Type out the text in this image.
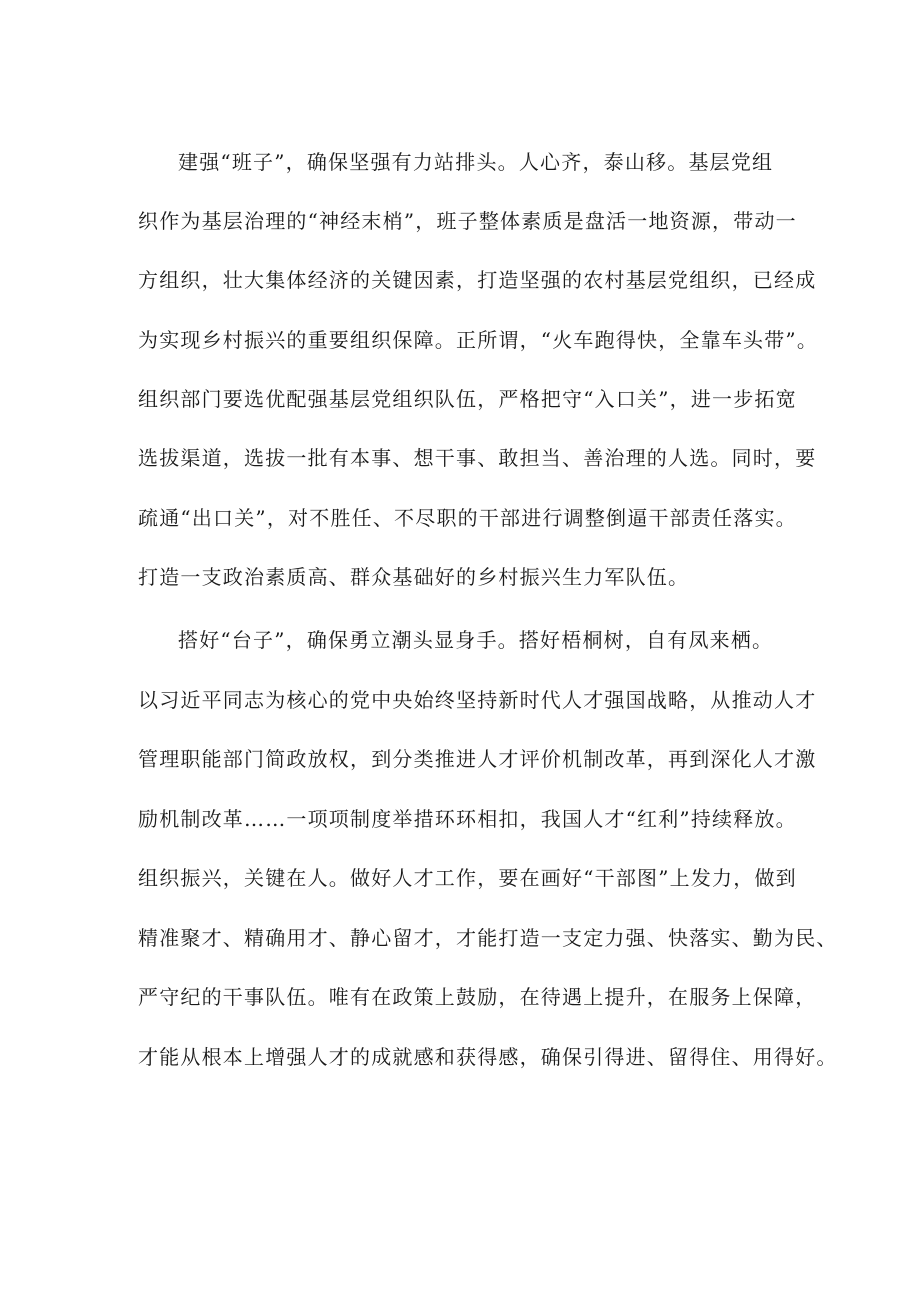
建强“班子”，确保坚强有力站排头。人心齐，泰山移。基层党组

织作为基层治理的“神经末梢”，班子整体素质是盘活一地资源，带动一

方组织，壮大集体经济的关键因素，打造坚强的农村基层党组织，已经成

为实现乡村振兴的重要组织保障。正所谓，“火车跑得快，全靠车头带”。

组织部门要选优配强基层党组织队伍，严格把守“入口关”，进一步拓宽

选拔渠道，选拔一批有本事、想干事、敢担当、善治理的人选。同时，要

疏通“出口关”，对不胜任、不尽职的干部进行调整倒逼干部责任落实。

打造一支政治素质高、群众基础好的乡村振兴生力军队伍。

搭好“台子”，确保勇立潮头显身手。搭好梧桐树，自有凤来栖。

以习近平同志为核心的党中央始终坚持新时代人才强国战略，从推动人才

管理职能部门简政放权，到分类推进人才评价机制改革，再到深化人才激

励机制改革……一项项制度举措环环相扣，我国人才“红利”持续释放。

组织振兴，关键在人。做好人才工作，要在画好“干部图”上发力，做到

精准聚才、精确用才、静心留才，才能打造一支定力强、快落实、勤为民、

严守纪的干事队伍。唯有在政策上鼓励，在待遇上提升，在服务上保障，

才能从根本上增强人才的成就感和获得感，确保引得进、留得住、用得好。
